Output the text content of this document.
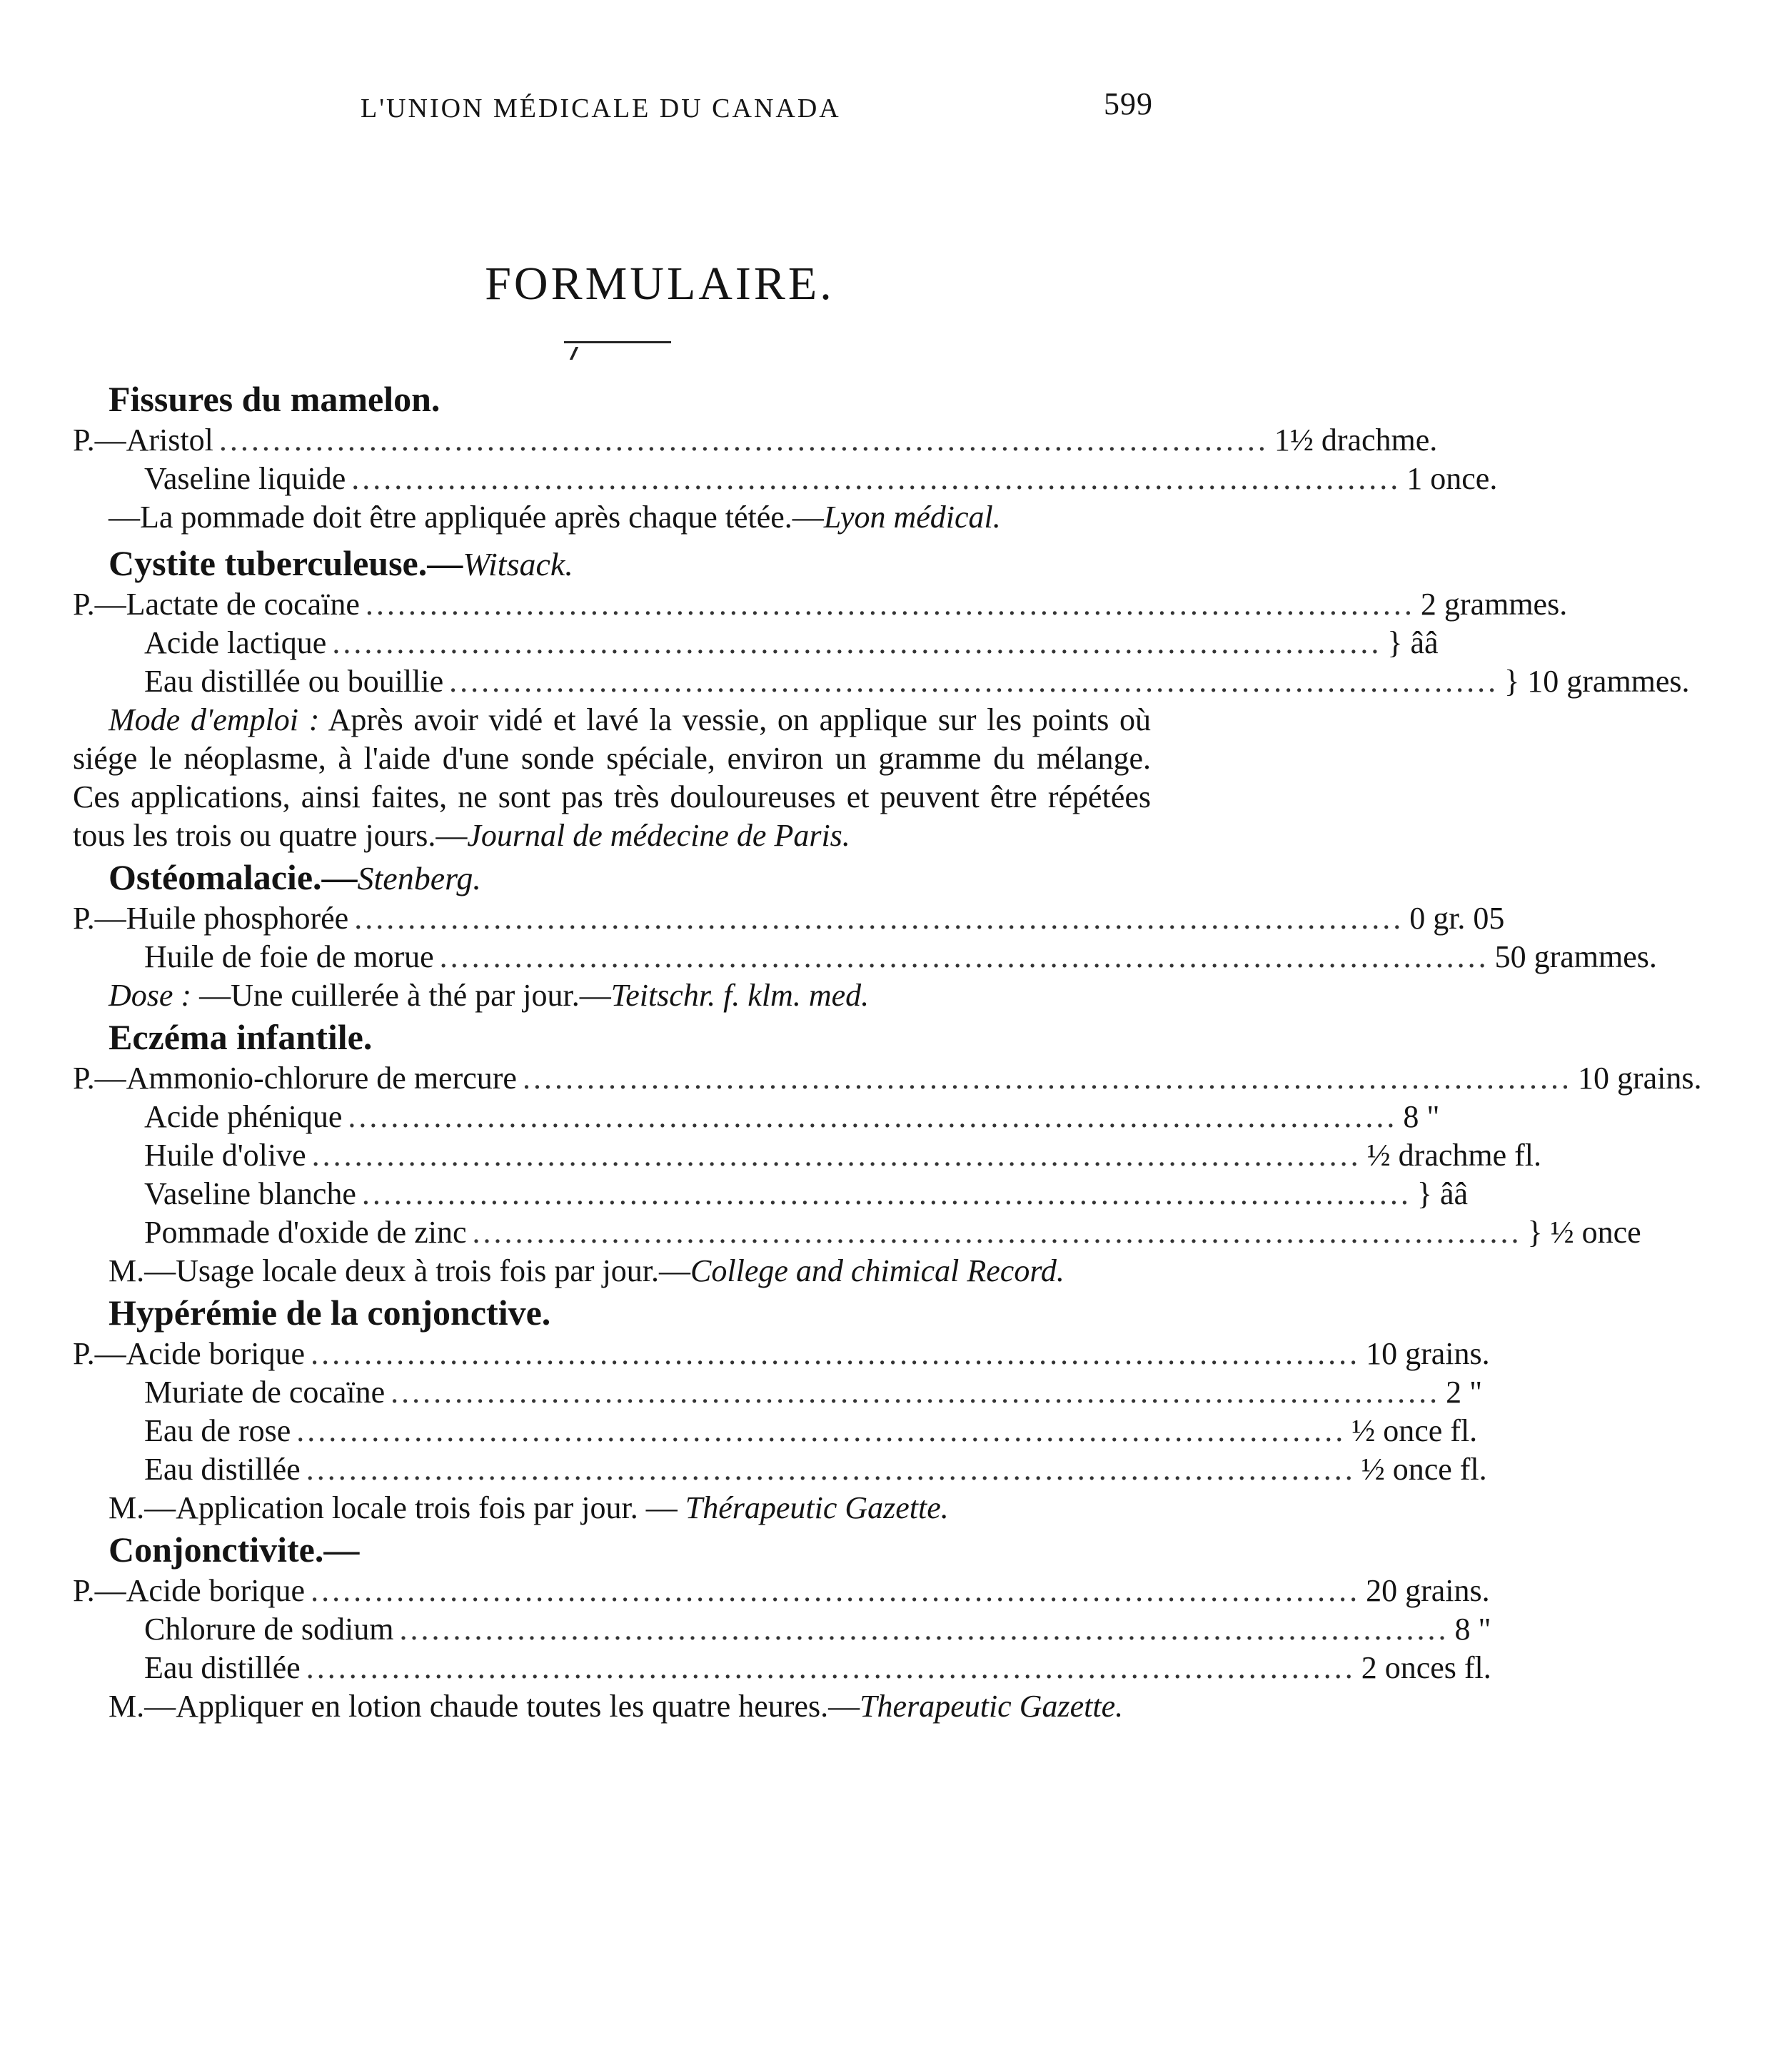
L'UNION MÉDICALE DU CANADA	599
FORMULAIRE.
Fissures du mamelon.
P.—Aristol .................................................................................................. 1½ drachme.
Vaseline liquide .................................................................................................. 1 once.
—La pommade doit être appliquée après chaque tétée.—Lyon médical.
Cystite tuberculeuse.—Witsack.
P.—Lactate de cocaïne .................................................................................................. 2 grammes.
Acide lactique .................................................................................................. } ââ
Eau distillée ou bouillie .................................................................................................. } 10 grammes.
Mode d'emploi : Après avoir vidé et lavé la vessie, on applique sur les points où siége le néoplasme, à l'aide d'une sonde spéciale, environ un gramme du mélange. Ces applications, ainsi faites, ne sont pas très douloureuses et peuvent être répétées tous les trois ou quatre jours.—Journal de médecine de Paris.
Ostéomalacie.—Stenberg.
P.—Huile phosphorée .................................................................................................. 0 gr. 05
Huile de foie de morue .................................................................................................. 50 grammes.
Dose : —Une cuillerée à thé par jour.—Teitschr. f. klm. med.
Eczéma infantile.
P.—Ammonio-chlorure de mercure .................................................................................................. 10 grains.
Acide phénique .................................................................................................. 8 "
Huile d'olive .................................................................................................. ½ drachme fl.
Vaseline blanche .................................................................................................. } ââ
Pommade d'oxide de zinc .................................................................................................. } ½ once
M.—Usage locale deux à trois fois par jour.—College and chimical Record.
Hypérémie de la conjonctive.
P.—Acide borique .................................................................................................. 10 grains.
Muriate de cocaïne .................................................................................................. 2 "
Eau de rose .................................................................................................. ½ once fl.
Eau distillée .................................................................................................. ½ once fl.
M.—Application locale trois fois par jour. — Thérapeutic Gazette.
Conjonctivite.—
P.—Acide borique .................................................................................................. 20 grains.
Chlorure de sodium .................................................................................................. 8 "
Eau distillée .................................................................................................. 2 onces fl.
M.—Appliquer en lotion chaude toutes les quatre heures.—Therapeutic Gazette.
